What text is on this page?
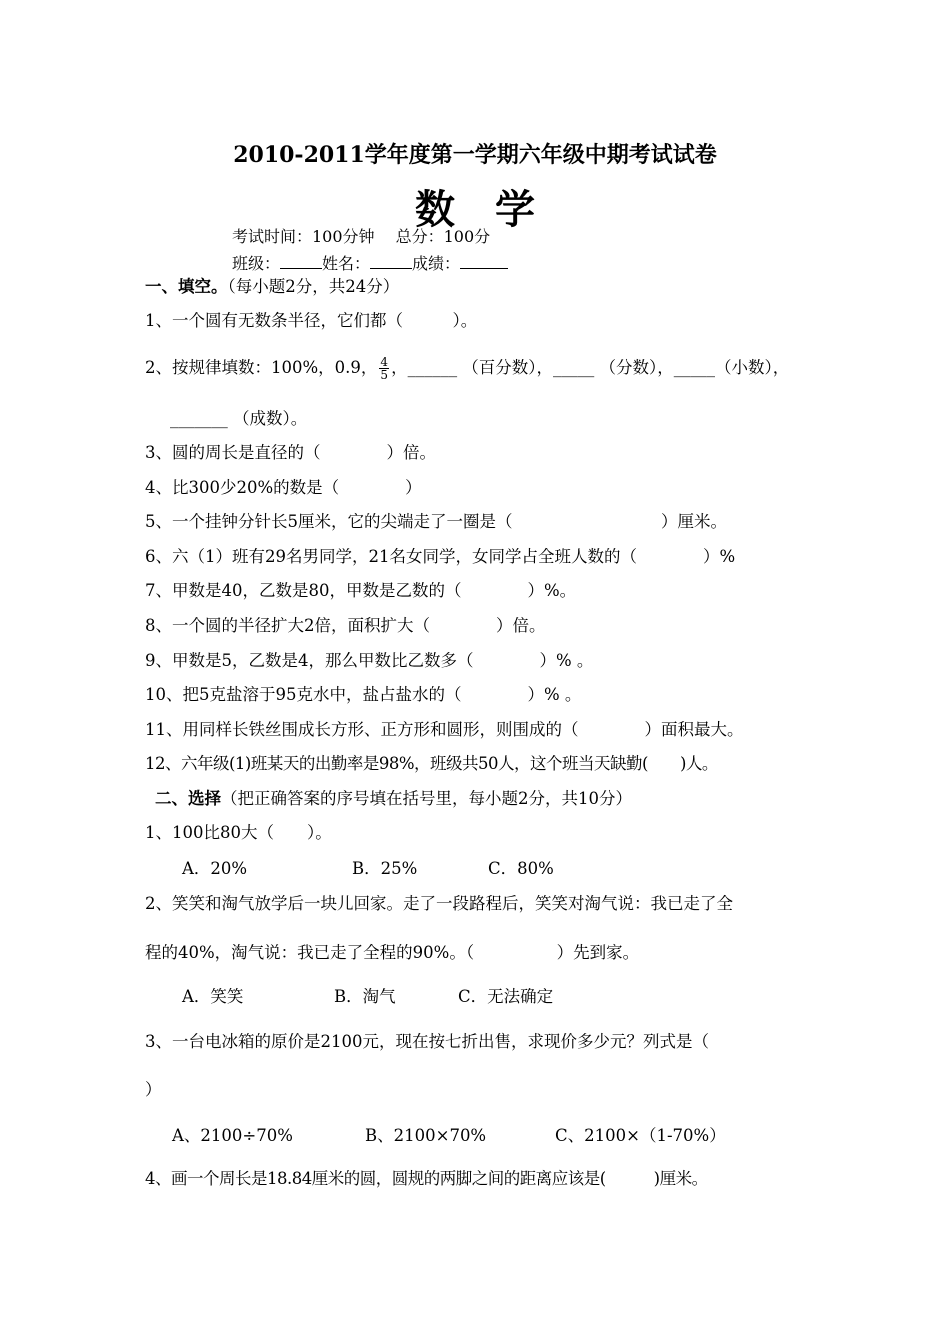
2010-2011学年度第一学期六年级中期考试试卷
数学
考试时间：100分钟　 总分：100分
班级：	姓名：	成绩：
一、填空。（每小题2分，共24分）
1、一个圆有无数条半径，它们都（　　　）。
2、按规律填数：100%，0.9， $\frac{4}{5}$ ，______ （百分数），_____ （分数），_____（小数），
_______ （成数）。
3、圆的周长是直径的（　　　　）倍。
4、比300少20%的数是（　　　　）
5、一个挂钟分针长5厘米，它的尖端走了一圈是（　　　　　　　　　）厘米。
6、六（1）班有29名男同学，21名女同学，女同学占全班人数的（　　　　）%
7、甲数是40，乙数是80，甲数是乙数的（　　　　）%。
8、一个圆的半径扩大2倍，面积扩大（　　　　）倍。
9、甲数是5，乙数是4，那么甲数比乙数多（　　　　）% 。
10、把5克盐溶于95克水中，盐占盐水的（　　　　）% 。
11、用同样长铁丝围成长方形、正方形和圆形，则围成的（　　　　）面积最大。
12、六年级(1)班某天的出勤率是98%，班级共50人，这个班当天缺勤(　　)人。
二、选择（把正确答案的序号填在括号里，每小题2分，共10分）
1、100比80大（　　）。
A．20%	B．25%	C．80%
2、笑笑和淘气放学后一块儿回家。走了一段路程后，笑笑对淘气说：我已走了全
程的40%，淘气说：我已走了全程的90%。（　　　　　）先到家。
A．笑笑	B．淘气	C．无法确定
3、一台电冰箱的原价是2100元，现在按七折出售，求现价多少元？列式是（
）
A、2100÷70%	B、2100×70%	C、2100×（1-70%）
4、画一个周长是18.84厘米的圆，圆规的两脚之间的距离应该是(　　　)厘米。
